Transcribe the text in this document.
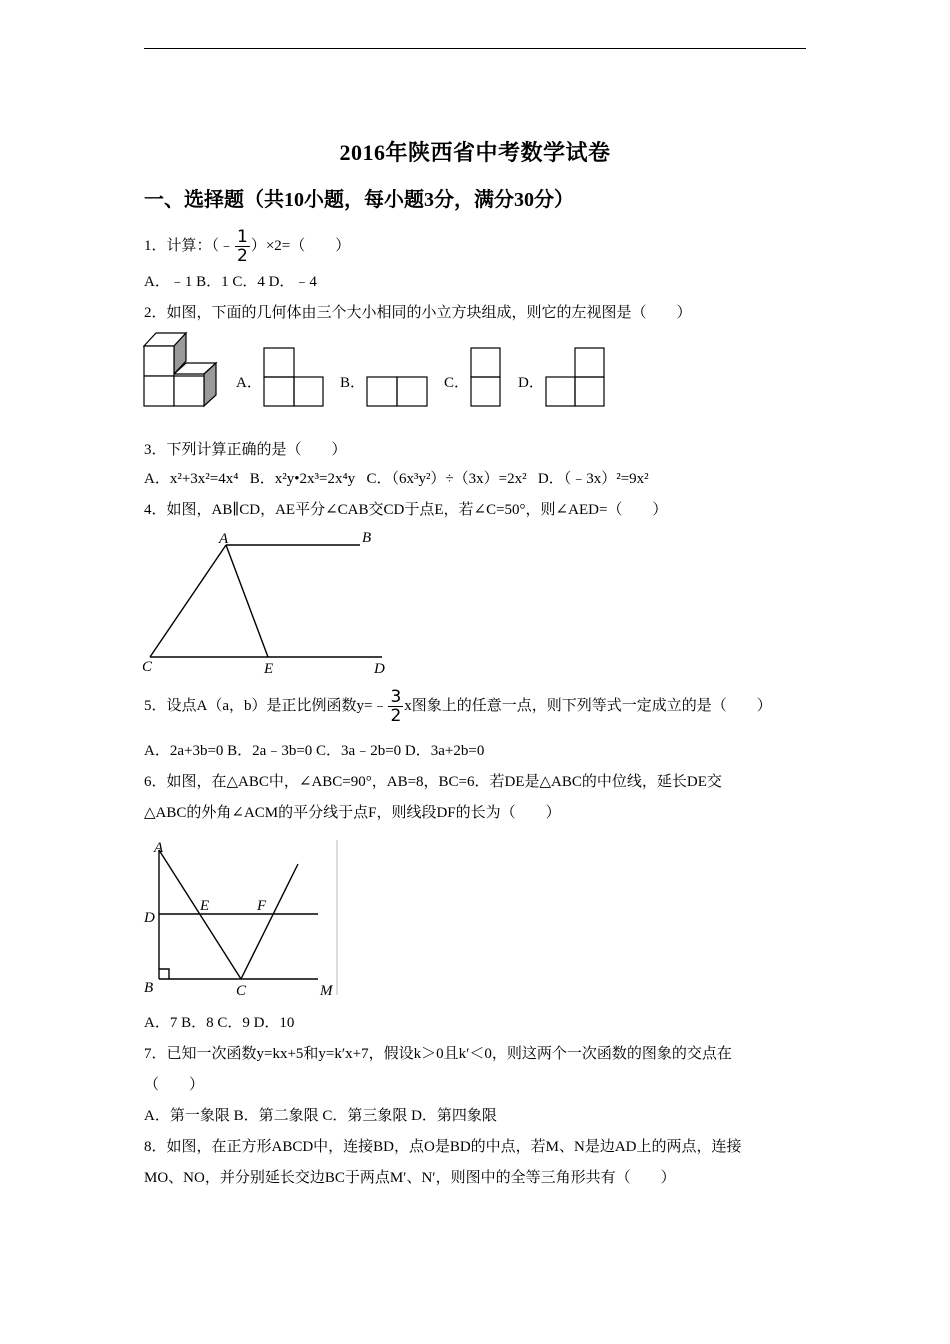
2016年陕西省中考数学试卷
一、选择题（共10小题，每小题3分，满分30分）
1．计算：（﹣ $\frac{1}{2} )\times 2=$（　　）
A．﹣1 B．1 C．4 D．﹣4
2．如图，下面的几何体由三个大小相同的小立方块组成，则它的左视图是（　　）
A．	B．	C．	D．
3．下列计算正确的是（　　）
A．x²+3x²=4x⁴ B．x²y•2x³=2x⁴y C．（6x³y²）÷（3x）=2x² D．（﹣3x）²=9x²
4．如图，AB∥CD，AE平分∠CAB交CD于点E，若∠C=50°，则∠AED=（　　）
A	B
C	E	D
5．设点A（a，b）是正比例函数y=﹣ $\frac{3}{2}$ x图象上的任意一点，则下列等式一定成立的是（　　）
A．2a+3b=0 B．2a﹣3b=0 C．3a﹣2b=0 D．3a+2b=0
6．如图，在△ABC中，∠ABC=90°，AB=8，BC=6．若DE是△ABC的中位线，延长DE交
△ABC的外角∠ACM的平分线于点F，则线段DF的长为（　　）
A
D
E	F
B	C	M
A．7 B．8 C．9 D．10
7．已知一次函数y=kx+5和y=k′x+7，假设k＞0且k′＜0，则这两个一次函数的图象的交点在
（　　）
A．第一象限 B．第二象限 C．第三象限 D．第四象限
8．如图，在正方形ABCD中，连接BD，点O是BD的中点，若M、N是边AD上的两点，连接
MO、NO，并分别延长交边BC于两点M′、N′，则图中的全等三角形共有（　　）
